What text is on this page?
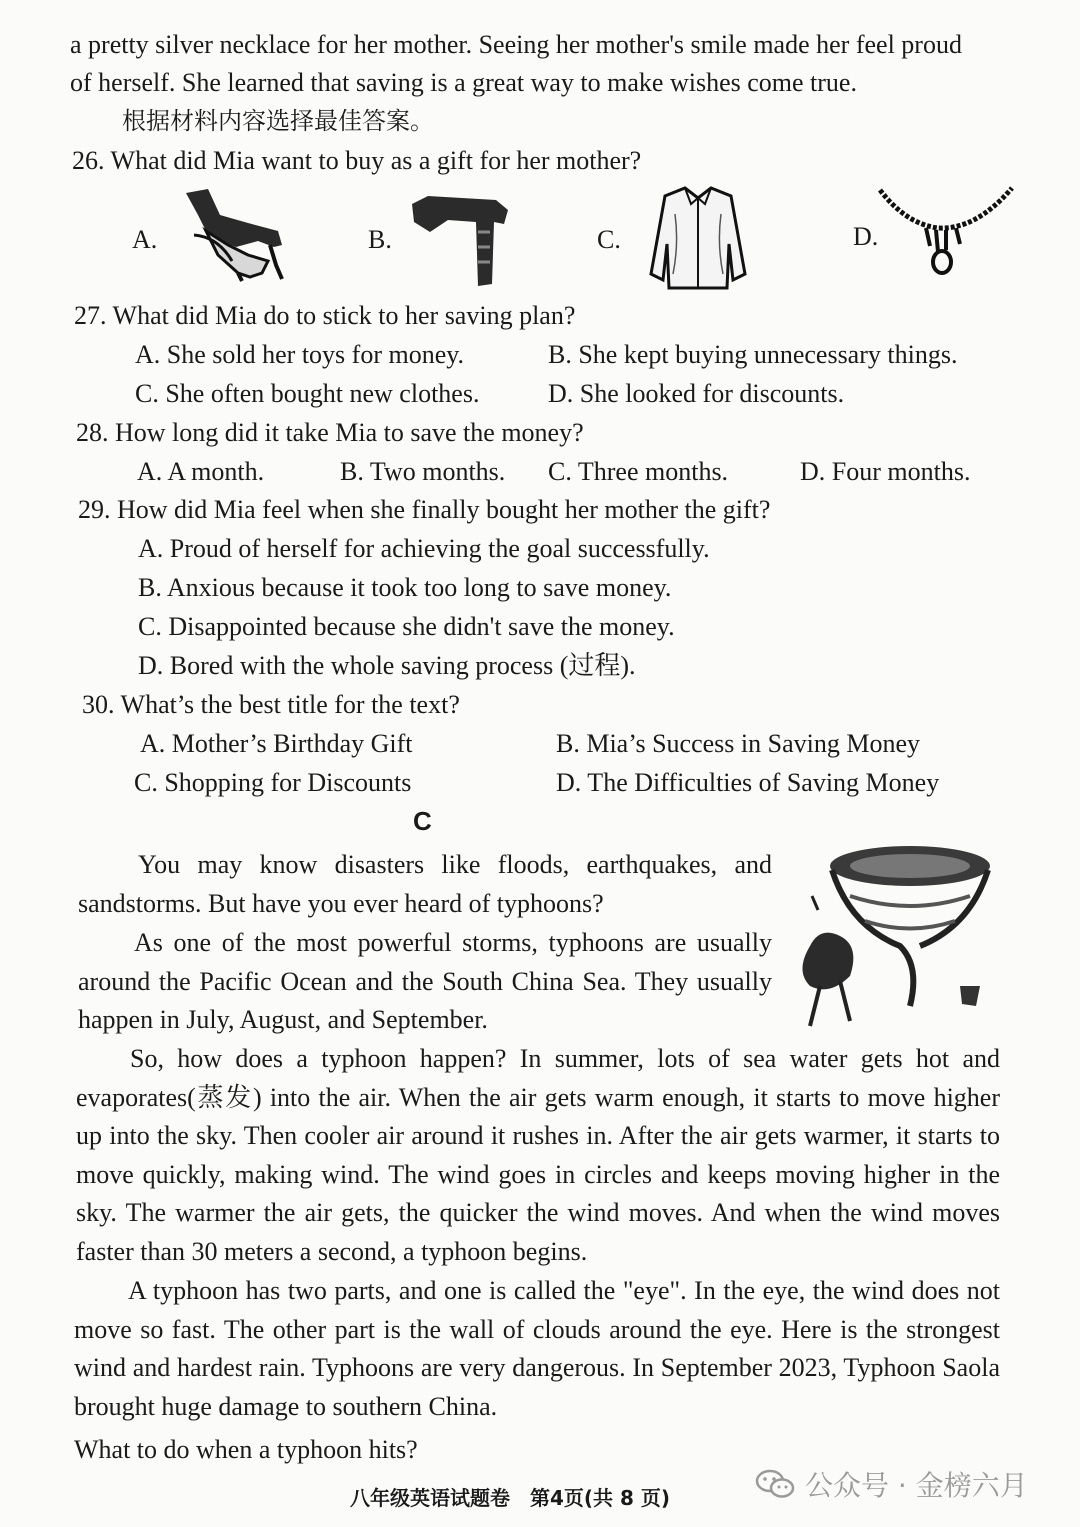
a pretty silver necklace for her mother. Seeing her mother's smile made her feel proud
of herself. She learned that saving is a great way to make wishes come true.
根据材料内容选择最佳答案。
26. What did Mia want to buy as a gift for her mother?
A.	B.	C.	D.
27. What did Mia do to stick to her saving plan?
A. She sold her toys for money.	B. She kept buying unnecessary things.
C. She often bought new clothes.	D. She looked for discounts.
28. How long did it take Mia to save the money?
A. A month.	B. Two months. C. Three months.	D. Four months.
29. How did Mia feel when she finally bought her mother the gift?
A. Proud of herself for achieving the goal successfully.
B. Anxious because it took too long to save money.
C. Disappointed because she didn't save the money.
D. Bored with the whole saving process (过程).
30. What’s the best title for the text?
A. Mother’s Birthday Gift	B. Mia’s Success in Saving Money
C. Shopping for Discounts	D. The Difficulties of Saving Money
C
You may know disasters like floods, earthquakes, and sandstorms. But have you ever heard of typhoons?
As one of the most powerful storms, typhoons are usually around the Pacific Ocean and the South China Sea. They usually happen in July, August, and September.
So, how does a typhoon happen? In summer, lots of sea water gets hot and evaporates(蒸发) into the air. When the air gets warm enough, it starts to move higher up into the sky. Then cooler air around it rushes in. After the air gets warmer, it starts to move quickly, making wind. The wind goes in circles and keeps moving higher in the sky. The warmer the air gets, the quicker the wind moves. And when the wind moves faster than 30 meters a second, a typhoon begins.
A typhoon has two parts, and one is called the "eye". In the eye, the wind does not move so fast. The other part is the wall of clouds around the eye. Here is the strongest wind and hardest rain. Typhoons are very dangerous. In September 2023, Typhoon Saola brought huge damage to southern China.
What to do when a typhoon hits?
八年级英语试题卷　第4页(共 8 页)	公众号 · 金榜六月
